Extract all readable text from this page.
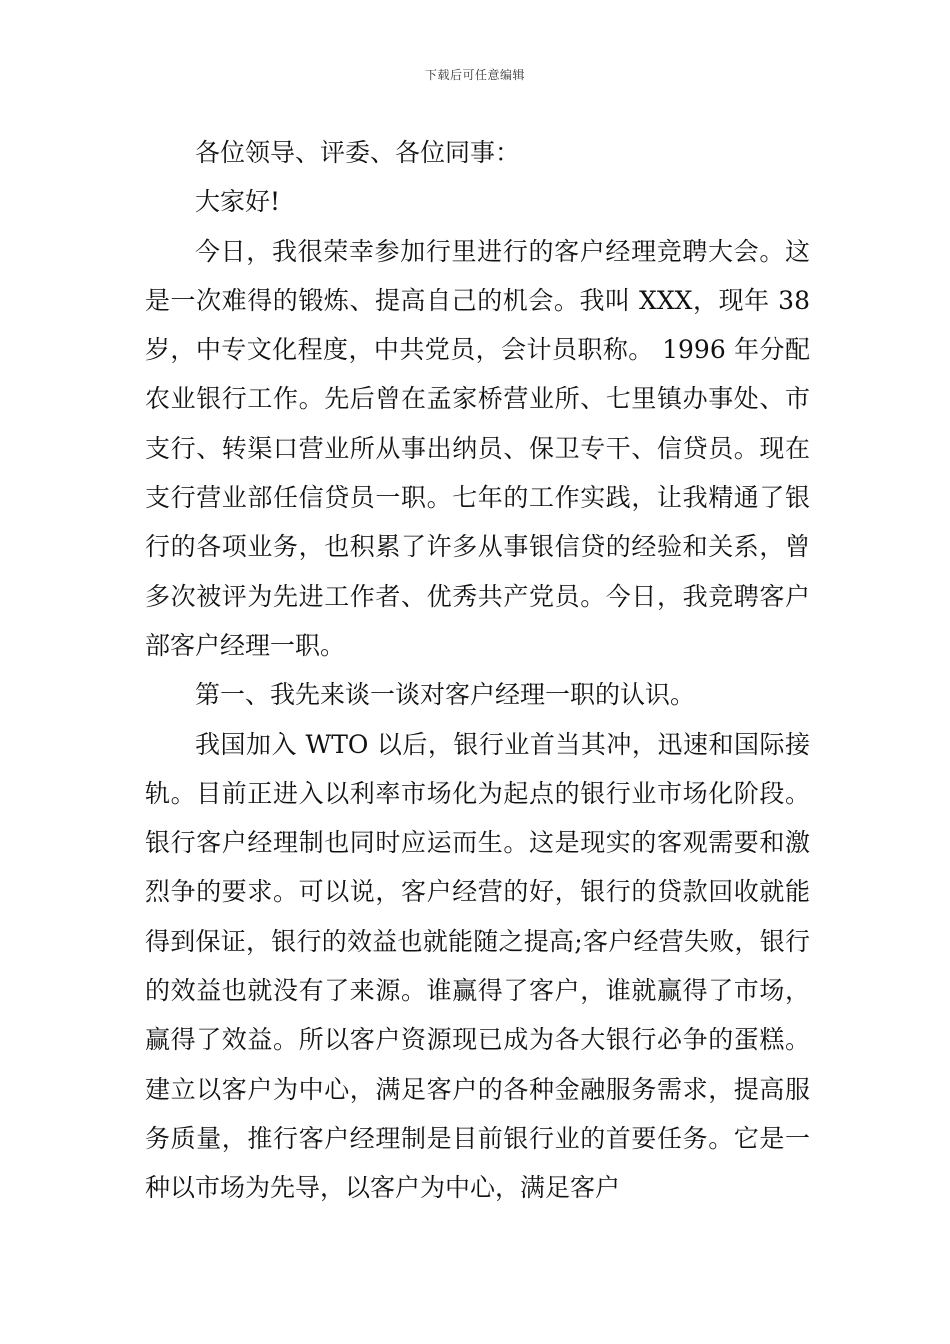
下载后可任意编辑

各位领导、评委、各位同事：

大家好!

今日，我很荣幸参加行里进行的客户经理竞聘大会。这是一次难得的锻炼、提高自己的机会。我叫 XXX，现年 38岁，中专文化程度，中共党员，会计员职称。 1996 年分配农业银行工作。先后曾在孟家桥营业所、七里镇办事处、市支行、转渠口营业所从事出纳员、保卫专干、信贷员。现在支行营业部任信贷员一职。七年的工作实践，让我精通了银行的各项业务，也积累了许多从事银信贷的经验和关系，曾多次被评为先进工作者、优秀共产党员。今日，我竞聘客户部客户经理一职。

第一、我先来谈一谈对客户经理一职的认识。

我国加入 WTO 以后，银行业首当其冲，迅速和国际接轨。目前正进入以利率市场化为起点的银行业市场化阶段。银行客户经理制也同时应运而生。这是现实的客观需要和激烈争的要求。可以说，客户经营的好，银行的贷款回收就能得到保证，银行的效益也就能随之提高;客户经营失败，银行的效益也就没有了来源。谁赢得了客户，谁就赢得了市场，赢得了效益。所以客户资源现已成为各大银行必争的蛋糕。建立以客户为中心，满足客户的各种金融服务需求，提高服务质量，推行客户经理制是目前银行业的首要任务。它是一种以市场为先导，以客户为中心，满足客户
